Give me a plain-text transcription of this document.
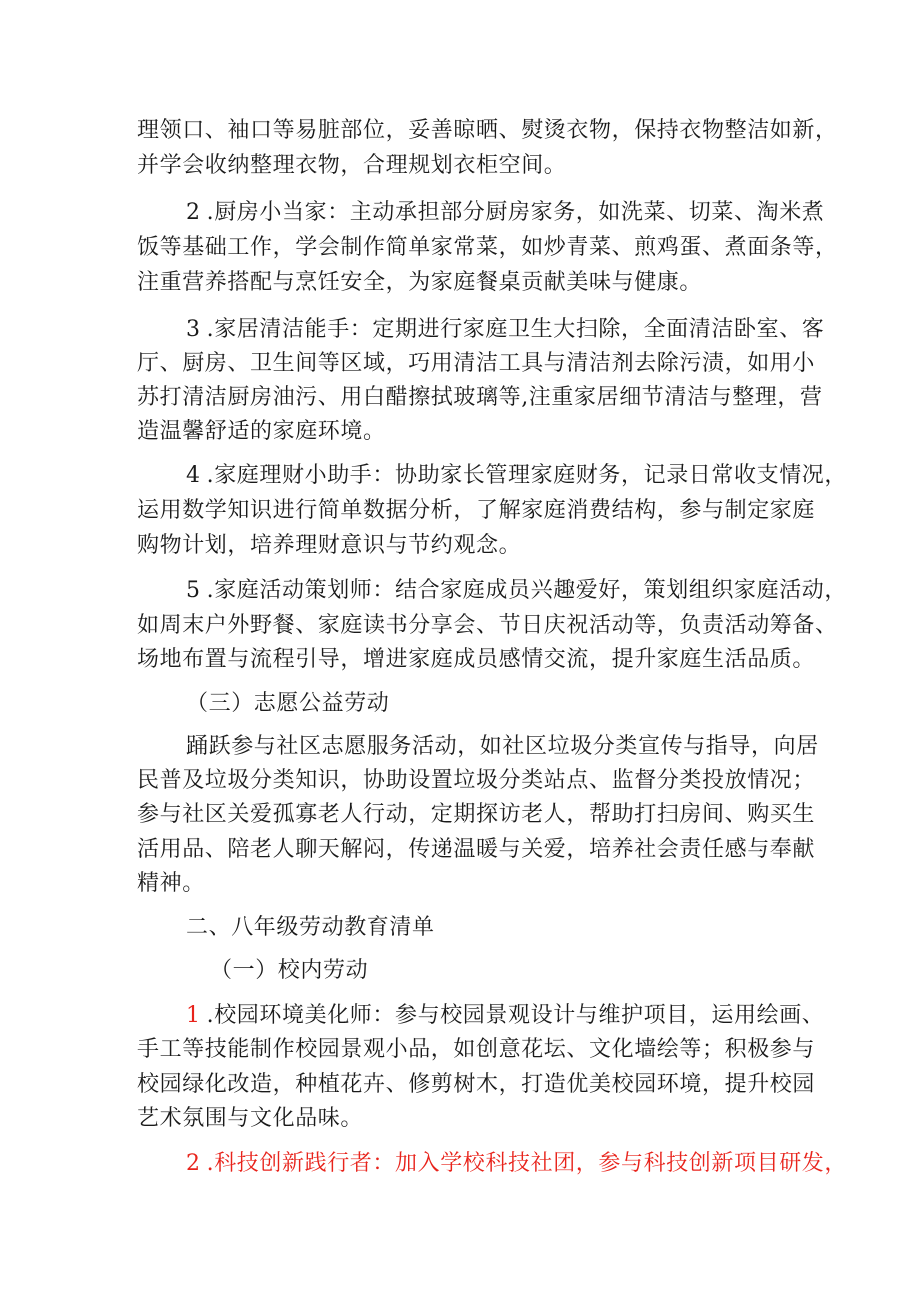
理领口、袖口等易脏部位，妥善晾晒、熨烫衣物，保持衣物整洁如新，
并学会收纳整理衣物，合理规划衣柜空间。
2 .厨房小当家：主动承担部分厨房家务，如洗菜、切菜、淘米煮
饭等基础工作，学会制作简单家常菜，如炒青菜、煎鸡蛋、煮面条等，
注重营养搭配与烹饪安全，为家庭餐桌贡献美味与健康。
3 .家居清洁能手：定期进行家庭卫生大扫除，全面清洁卧室、客
厅、厨房、卫生间等区域，巧用清洁工具与清洁剂去除污渍，如用小
苏打清洁厨房油污、用白醋擦拭玻璃等,注重家居细节清洁与整理，营
造温馨舒适的家庭环境。
4 .家庭理财小助手：协助家长管理家庭财务，记录日常收支情况，
运用数学知识进行简单数据分析，了解家庭消费结构，参与制定家庭
购物计划，培养理财意识与节约观念。
5 .家庭活动策划师：结合家庭成员兴趣爱好，策划组织家庭活动，
如周末户外野餐、家庭读书分享会、节日庆祝活动等，负责活动筹备、
场地布置与流程引导，增进家庭成员感情交流，提升家庭生活品质。
（三）志愿公益劳动
踊跃参与社区志愿服务活动，如社区垃圾分类宣传与指导，向居
民普及垃圾分类知识，协助设置垃圾分类站点、监督分类投放情况；
参与社区关爱孤寡老人行动，定期探访老人，帮助打扫房间、购买生
活用品、陪老人聊天解闷，传递温暖与关爱，培养社会责任感与奉献
精神。
二、八年级劳动教育清单
（一）校内劳动
1 .校园环境美化师：参与校园景观设计与维护项目，运用绘画、
手工等技能制作校园景观小品，如创意花坛、文化墙绘等；积极参与
校园绿化改造，种植花卉、修剪树木，打造优美校园环境，提升校园
艺术氛围与文化品味。
2 .科技创新践行者：加入学校科技社团，参与科技创新项目研发，
